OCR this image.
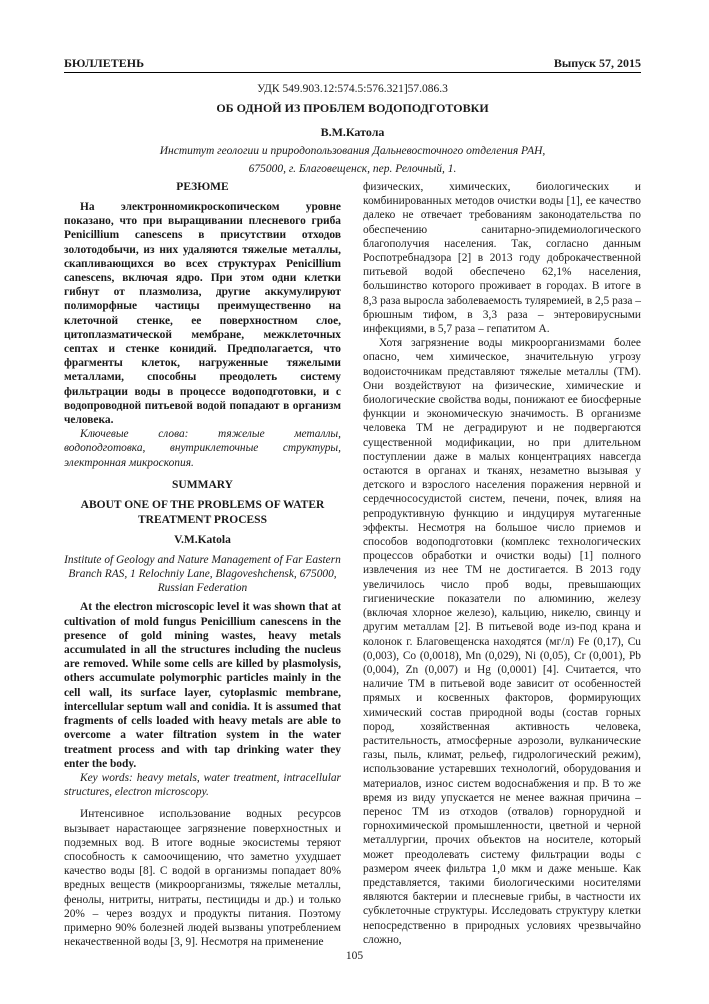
БЮЛЛЕТЕНЬ	Выпуск 57, 2015
УДК 549.903.12:574.5:576.321]57.086.3
ОБ ОДНОЙ ИЗ ПРОБЛЕМ ВОДОПОДГОТОВКИ
В.М.Катола
Институт геологии и природопользования Дальневосточного отделения РАН,
675000, г. Благовещенск, пер. Релочный, 1.
РЕЗЮМЕ

На электронномикроскопическом уровне показано, что при выращивании плесневого гриба Penicillium canescens в присутствии отходов золотодобычи, из них удаляются тяжелые металлы, скапливающихся во всех структурах Penicillium canescens, включая ядро. При этом одни клетки гибнут от плазмолиза, другие аккумулируют полиморфные частицы преимущественно на клеточной стенке, ее поверхностном слое, цитоплазматической мембране, межклеточных септах и стенке конидий. Предполагается, что фрагменты клеток, нагруженные тяжелыми металлами, способны преодолеть систему фильтрации воды в процессе водоподготовки, и с водопроводной питьевой водой попадают в организм человека.

Ключевые слова: тяжелые металлы, водоподготовка, внутриклеточные структуры, электронная микроскопия.

SUMMARY
ABOUT ONE OF THE PROBLEMS OF WATER TREATMENT PROCESS
V.M.Katola

Institute of Geology and Nature Management of Far Eastern Branch RAS, 1 Relochniy Lane, Blagoveshchensk, 675000, Russian Federation

At the electron microscopic level it was shown that at cultivation of mold fungus Penicillium canescens in the presence of gold mining wastes, heavy metals accumulated in all the structures including the nucleus are removed. While some cells are killed by plasmolysis, others accumulate polymorphic particles mainly in the cell wall, its surface layer, cytoplasmic membrane, intercellular septum wall and conidia. It is assumed that fragments of cells loaded with heavy metals are able to overcome a water filtration system in the water treatment process and with tap drinking water they enter the body.

Key words: heavy metals, water treatment, intracellular structures, electron microscopy.

Интенсивное использование водных ресурсов вызывает нарастающее загрязнение поверхностных и подземных вод. В итоге водные экосистемы теряют способность к самоочищению, что заметно ухудшает качество воды [8]. С водой в организмы попадает 80% вредных веществ (микроорганизмы, тяжелые металлы, фенолы, нитриты, нитраты, пестициды и др.) и только 20% – через воздух и продукты питания. Поэтому примерно 90% болезней людей вызваны употреблением некачественной воды [3, 9]. Несмотря на применение

физических, химических, биологических и комбинированных методов очистки воды [1], ее качество далеко не отвечает требованиям законодательства по обеспечению санитарно-эпидемиологического благополучия населения. Так, согласно данным Роспотребнадзора [2] в 2013 году доброкачественной питьевой водой обеспечено 62,1% населения, большинство которого проживает в городах. В итоге в 8,3 раза выросла заболеваемость туляремией, в 2,5 раза – брюшным тифом, в 3,3 раза – энтеровирусными инфекциями, в 5,7 раза – гепатитом А.

Хотя загрязнение воды микроорганизмами более опасно, чем химическое, значительную угрозу водоисточникам представляют тяжелые металлы (ТМ). Они воздействуют на физические, химические и биологические свойства воды, понижают ее биосферные функции и экономическую значимость. В организме человека ТМ не деградируют и не подвергаются существенной модификации, но при длительном поступлении даже в малых концентрациях навсегда остаются в органах и тканях, незаметно вызывая у детского и взрослого населения поражения нервной и сердечнососудистой систем, печени, почек, влияя на репродуктивную функцию и индуцируя мутагенные эффекты. Несмотря на большое число приемов и способов водоподготовки (комплекс технологических процессов обработки и очистки воды) [1] полного извлечения из нее ТМ не достигается. В 2013 году увеличилось число проб воды, превышающих гигиенические показатели по алюминию, железу (включая хлорное железо), кальцию, никелю, свинцу и другим металлам [2]. В питьевой воде из-под крана и колонок г. Благовещенска находятся (мг/л) Fe (0,17), Cu (0,003), Co (0,0018), Mn (0,029), Ni (0,05), Cr (0,001), Pb (0,004), Zn (0,007) и Hg (0,0001) [4]. Считается, что наличие ТМ в питьевой воде зависит от особенностей прямых и косвенных факторов, формирующих химический состав природной воды (состав горных пород, хозяйственная активность человека, растительность, атмосферные аэрозоли, вулканические газы, пыль, климат, рельеф, гидрологический режим), использование устаревших технологий, оборудования и материалов, износ систем водоснабжения и пр. В то же время из виду упускается не менее важная причина – перенос ТМ из отходов (отвалов) горнорудной и горнохимической промышленности, цветной и черной металлургии, прочих объектов на носителе, который может преодолевать систему фильтрации воды с размером ячеек фильтра 1,0 мкм и даже меньше. Как представляется, такими биологическими носителями являются бактерии и плесневые грибы, в частности их субклеточные структуры. Исследовать структуру клетки непосредственно в природных условиях чрезвычайно сложно,

105
